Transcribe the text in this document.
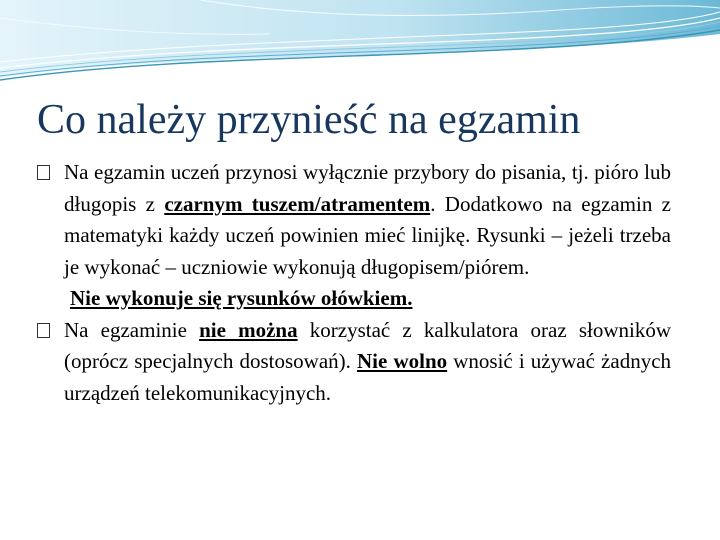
Co należy przynieść na egzamin

Na egzamin uczeń przynosi wyłącznie przybory do pisania, tj. pióro lub długopis z czarnym tuszem/atramentem. Dodatkowo na egzamin z matematyki każdy uczeń powinien mieć linijkę. Rysunki – jeżeli trzeba je wykonać – uczniowie wykonują długopisem/piórem.

Nie wykonuje się rysunków ołówkiem.

Na egzaminie nie można korzystać z kalkulatora oraz słowników (oprócz specjalnych dostosowań). Nie wolno wnosić i używać żadnych urządzeń telekomunikacyjnych.
